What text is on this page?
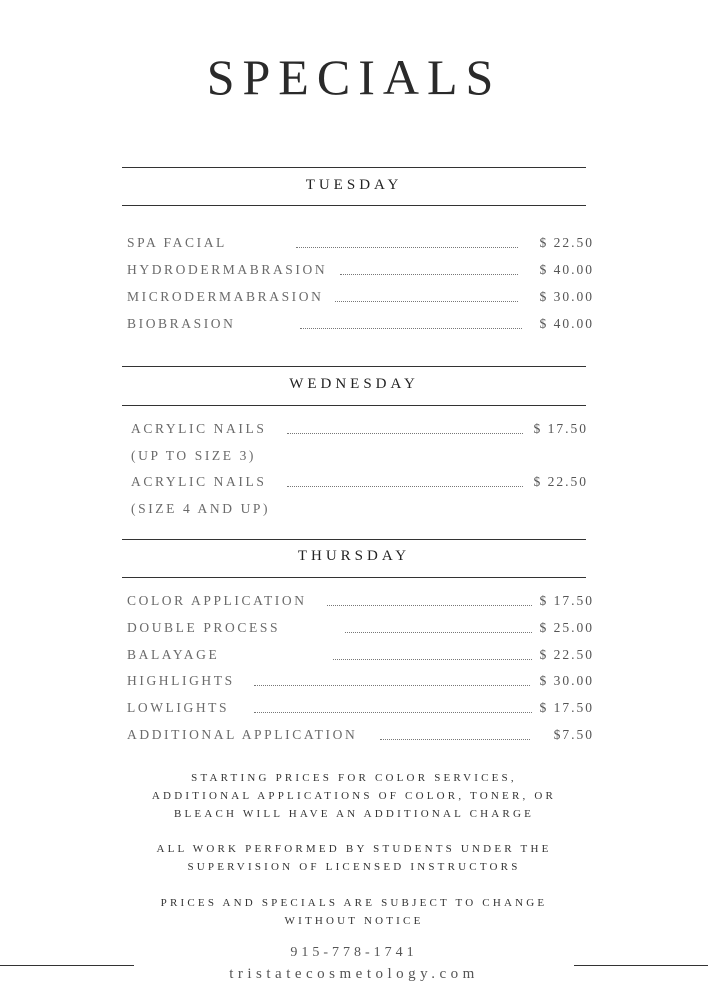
SPECIALS
TUESDAY
SPA FACIAL	$ 22.50
HYDRODERMABRASION	$ 40.00
MICRODERMABRASION	$ 30.00
BIOBRASION	$ 40.00
WEDNESDAY
ACRYLIC NAILS	$ 17.50
(UP TO SIZE 3)
ACRYLIC NAILS	$ 22.50
(SIZE 4 AND UP)
THURSDAY
COLOR APPLICATION	$ 17.50
DOUBLE PROCESS	$ 25.00
BALAYAGE	$ 22.50
HIGHLIGHTS	$ 30.00
LOWLIGHTS	$ 17.50
ADDITIONAL APPLICATION	$7.50
STARTING PRICES FOR COLOR SERVICES,
ADDITIONAL APPLICATIONS OF COLOR, TONER, OR
BLEACH WILL HAVE AN ADDITIONAL CHARGE
ALL WORK PERFORMED BY STUDENTS UNDER THE
SUPERVISION OF LICENSED INSTRUCTORS
PRICES AND SPECIALS ARE SUBJECT TO CHANGE
WITHOUT NOTICE
915-778-1741
tristatecosmetology.com
